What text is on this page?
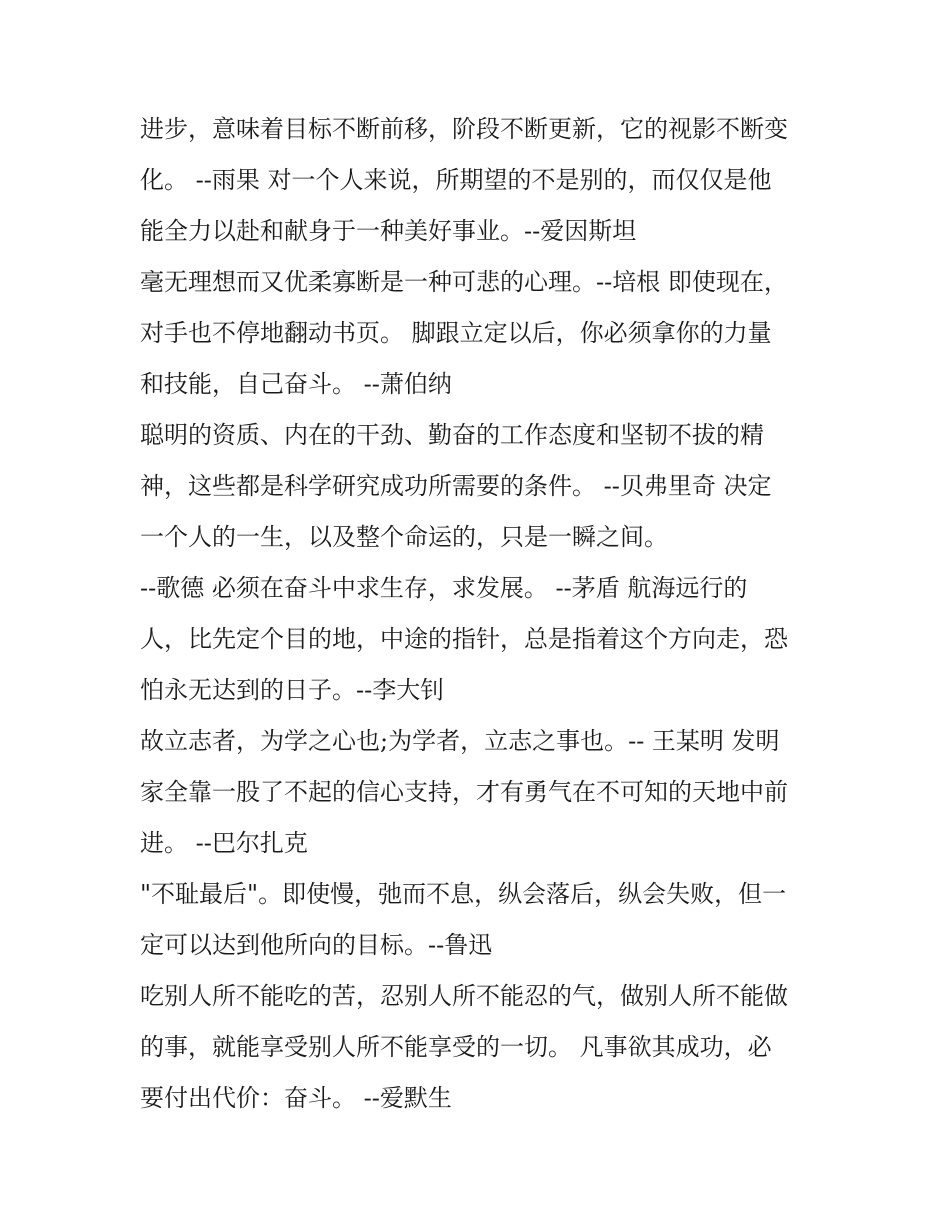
进步，意味着目标不断前移，阶段不断更新，它的视影不断变
化。 --雨果 对一个人来说，所期望的不是别的，而仅仅是他
能全力以赴和献身于一种美好事业。--爱因斯坦
毫无理想而又优柔寡断是一种可悲的心理。--培根 即使现在，
对手也不停地翻动书页。 脚跟立定以后，你必须拿你的力量
和技能，自己奋斗。 --萧伯纳
聪明的资质、内在的干劲、勤奋的工作态度和坚韧不拔的精
神，这些都是科学研究成功所需要的条件。 --贝弗里奇 决定
一个人的一生，以及整个命运的，只是一瞬之间。
--歌德 必须在奋斗中求生存，求发展。 --茅盾 航海远行的
人，比先定个目的地，中途的指针，总是指着这个方向走，恐
怕永无达到的日子。--李大钊
故立志者，为学之心也;为学者，立志之事也。-- 王某明 发明
家全靠一股了不起的信心支持，才有勇气在不可知的天地中前
进。 --巴尔扎克
"不耻最后"。即使慢，弛而不息，纵会落后，纵会失败，但一
定可以达到他所向的目标。--鲁迅
吃别人所不能吃的苦，忍别人所不能忍的气，做别人所不能做
的事，就能享受别人所不能享受的一切。 凡事欲其成功，必
要付出代价：奋斗。 --爱默生
